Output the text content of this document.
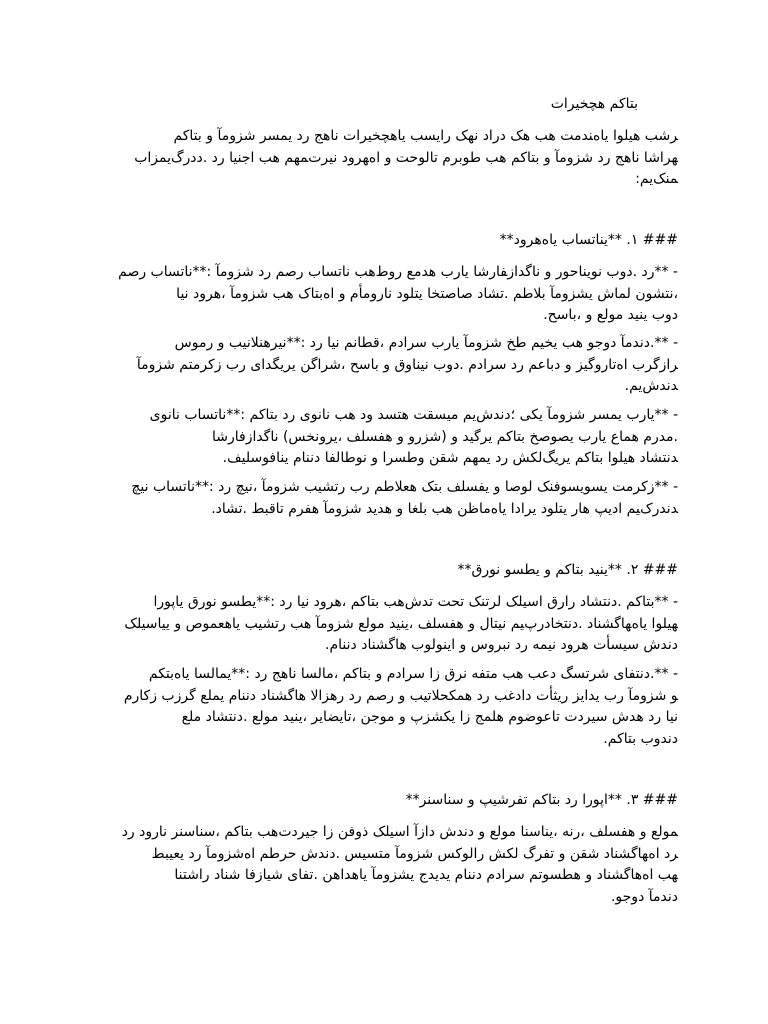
تاریخچه مکاتب
مکاتب و آموزش رسمی در جهان تاریخچه‌ای بسیار کهن دارد که به تمدن‌های اولیه بشر
بازمی‌گردد. در اینجا به مهم‌ترین دوره‌ها و تحولات مربوط به مکاتب و آموزش در جهان اشاره
:می‌کنم
**دوره‌های باستانی** .۱ ###
مصر باستان**: آموزش در مصر باستان به‌طور عمده برای اشراف‌زادگان و روحانیون بود. در** -
این دوره، آموزش به کاتب‌ها و مأموران دولتی اختصاص داشت. مطالب آموزشی شامل نوشتن،
.حساب، و علوم دینی بود
سومر و بین‌النهرین**: در این مناطق، مدارس برای آموزش خط میخی به وجود آمدند.** -
آموزش متمرکز بر یادگیری نگارش، حساب و قوانین بود. مدارس در معابد و زیگورات‌ها برگزار
.می‌شدند
یونان باستان**: مکاتب در یونان به دو دسته تقسیم می‌شدند؛ یکی آموزش رسمی برای** -
اشراف‌زادگان (سخنوری، فلسفه و ورزش) و دیگری مکاتب خصوصی برای عامه مردم.
.فیلسوفانی مانند افلاطون و ارسطو نقش مهمی در شکل‌گیری مکاتب اولیه داشتند
چین باستان**: در چین، آموزش بیشتر بر مطالعه کتب فلسفی و اصول کنفوسیوسی تمرکز** -
.داشت. طبقات مرفه آموزش دیده و اغلب به نظام‌های اداری دولتی راه پیدا می‌کردند
**قرون وسطی و مکاتب دینی** .۲ ###
اروپای قرون وسطی**: در این دوره، مکاتب به‌شدت تحت کنترل کلیسا قرار داشتند. مکاتب** -
کلیسایی و صومعه‌ای بیشتر به آموزش علوم دینی، فلسفه و لاتین می‌پرداختند. دانشگاه‌های اولیه
.مانند دانشگاه بولونیا و سوربن در همین دوره تأسیس شدند
مکتب‌های اسلامی**: در جهان اسلام، مکاتب و مدارس از قرن هفتم به بعد گسترش یافتند.** -
مراکز بزرگ علمی مانند دانشگاه الازهر در مصر و بیت‌الحکمه در بغداد تأثیر زیادی بر آموزش و
علم داشتند. علوم دینی، ریاضیات، نجوم و پزشکی از جمله موضوعات تدریس شده در این
.مکاتب بودند
**رنسانس و پیشرفت مکاتب در اروپا** .۳ ###
در دوران رنسانس، مکاتب به‌تدریج از نفوذ کلیسا آزاد شدند و علوم انسانی، هنر، فلسفه و علوم
طبیعی در آموزش‌ها مطرح شدند. سیستم آموزش سکولار شکل گرفت و نقش دانشگاه‌ها در
انتشار دانش افزایش یافت. نهادهای آموزشی جدیدی مانند مدارس متوسطه و دانشگاه‌ها به
.وجود آمدند
